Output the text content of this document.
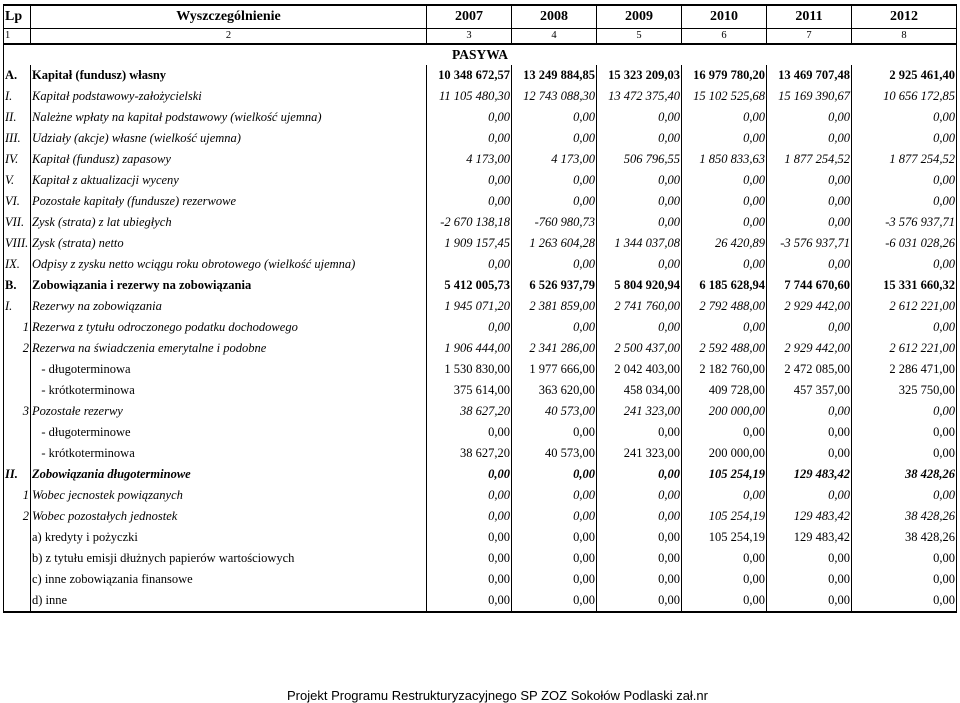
Lp	Wyszczególnienie	2007	2008	2009	2010	2011	2012
1	2	3	4	5	6	7	8
PASYWA							
A.	Kapitał (fundusz) własny	10 348 672,57	13 249 884,85	15 323 209,03	16 979 780,20	13 469 707,48	2 925 461,40
I.	Kapitał podstawowy-założycielski	11 105 480,30	12 743 088,30	13 472 375,40	15 102 525,68	15 169 390,67	10 656 172,85
II.	Należne wpłaty na kapitał podstawowy (wielkość ujemna)	0,00	0,00	0,00	0,00	0,00	0,00
III.	Udziały (akcje) własne (wielkość ujemna)	0,00	0,00	0,00	0,00	0,00	0,00
IV.	Kapitał (fundusz) zapasowy	4 173,00	4 173,00	506 796,55	1 850 833,63	1 877 254,52	1 877 254,52
V.	Kapitał z aktualizacji wyceny	0,00	0,00	0,00	0,00	0,00	0,00
VI.	Pozostałe kapitały (fundusze) rezerwowe	0,00	0,00	0,00	0,00	0,00	0,00
VII.	Zysk (strata) z lat ubiegłych	-2 670 138,18	-760 980,73	0,00	0,00	0,00	-3 576 937,71
VIII.	Zysk (strata) netto	1 909 157,45	1 263 604,28	1 344 037,08	26 420,89	-3 576 937,71	-6 031 028,26
IX.	Odpisy z zysku netto wciągu roku obrotowego (wielkość ujemna)	0,00	0,00	0,00	0,00	0,00	0,00
B.	Zobowiązania i rezerwy na zobowiązania	5 412 005,73	6 526 937,79	5 804 920,94	6 185 628,94	7 744 670,60	15 331 660,32
I.	Rezerwy na zobowiązania	1 945 071,20	2 381 859,00	2 741 760,00	2 792 488,00	2 929 442,00	2 612 221,00
1	Rezerwa z tytułu odroczonego podatku dochodowego	0,00	0,00	0,00	0,00	0,00	0,00
2	Rezerwa na świadczenia emerytalne i podobne	1 906 444,00	2 341 286,00	2 500 437,00	2 592 488,00	2 929 442,00	2 612 221,00
	- długoterminowa	1 530 830,00	1 977 666,00	2 042 403,00	2 182 760,00	2 472 085,00	2 286 471,00
	- krótkoterminowa	375 614,00	363 620,00	458 034,00	409 728,00	457 357,00	325 750,00
3	Pozostałe rezerwy	38 627,20	40 573,00	241 323,00	200 000,00	0,00	0,00
	- długoterminowe	0,00	0,00	0,00	0,00	0,00	0,00
	- krótkoterminowa	38 627,20	40 573,00	241 323,00	200 000,00	0,00	0,00
II.	Zobowiązania długoterminowe	0,00	0,00	0,00	105 254,19	129 483,42	38 428,26
1	Wobec jecnostek powiązanych	0,00	0,00	0,00	0,00	0,00	0,00
2	Wobec pozostałych jednostek	0,00	0,00	0,00	105 254,19	129 483,42	38 428,26
	a) kredyty i pożyczki	0,00	0,00	0,00	105 254,19	129 483,42	38 428,26
	b) z tytułu emisji dłużnych papierów wartościowych	0,00	0,00	0,00	0,00	0,00	0,00
	c) inne zobowiązania finansowe	0,00	0,00	0,00	0,00	0,00	0,00
	d) inne	0,00	0,00	0,00	0,00	0,00	0,00
Projekt Programu Restrukturyzacyjnego SP ZOZ Sokołów Podlaski zał.nr
